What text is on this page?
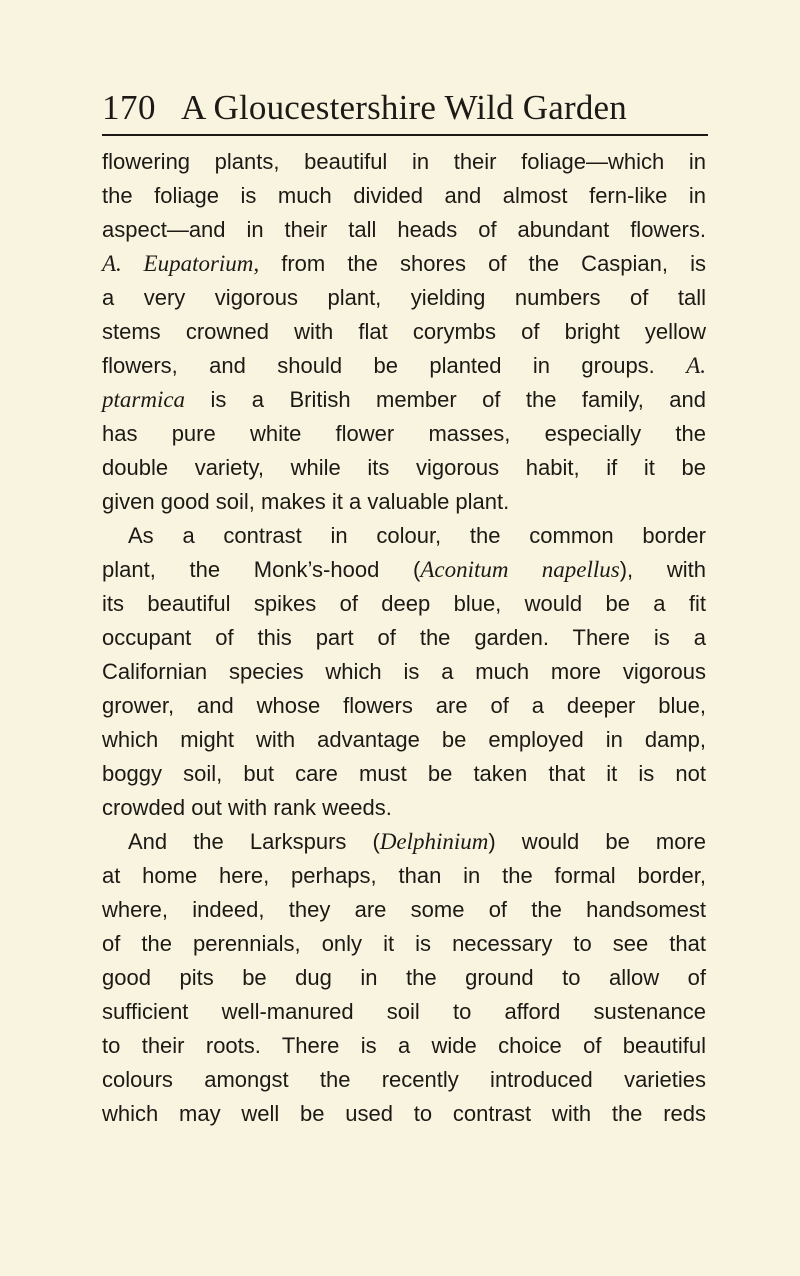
170 A Gloucestershire Wild Garden
flowering plants, beautiful in their foliage—which in
the foliage is much divided and almost fern-like in
aspect—and in their tall heads of abundant flowers.
A. Eupatorium, from the shores of the Caspian, is
a very vigorous plant, yielding numbers of tall
stems crowned with flat corymbs of bright yellow
flowers, and should be planted in groups. A.
ptarmica is a British member of the family, and
has pure white flower masses, especially the
double variety, while its vigorous habit, if it be
given good soil, makes it a valuable plant.
As a contrast in colour, the common border
plant, the Monk’s-hood (Aconitum napellus), with
its beautiful spikes of deep blue, would be a fit
occupant of this part of the garden. There is a
Californian species which is a much more vigorous
grower, and whose flowers are of a deeper blue,
which might with advantage be employed in damp,
boggy soil, but care must be taken that it is not
crowded out with rank weeds.
And the Larkspurs (Delphinium) would be more
at home here, perhaps, than in the formal border,
where, indeed, they are some of the handsomest
of the perennials, only it is necessary to see that
good pits be dug in the ground to allow of
sufficient well-manured soil to afford sustenance
to their roots. There is a wide choice of beautiful
colours amongst the recently introduced varieties
which may well be used to contrast with the reds
